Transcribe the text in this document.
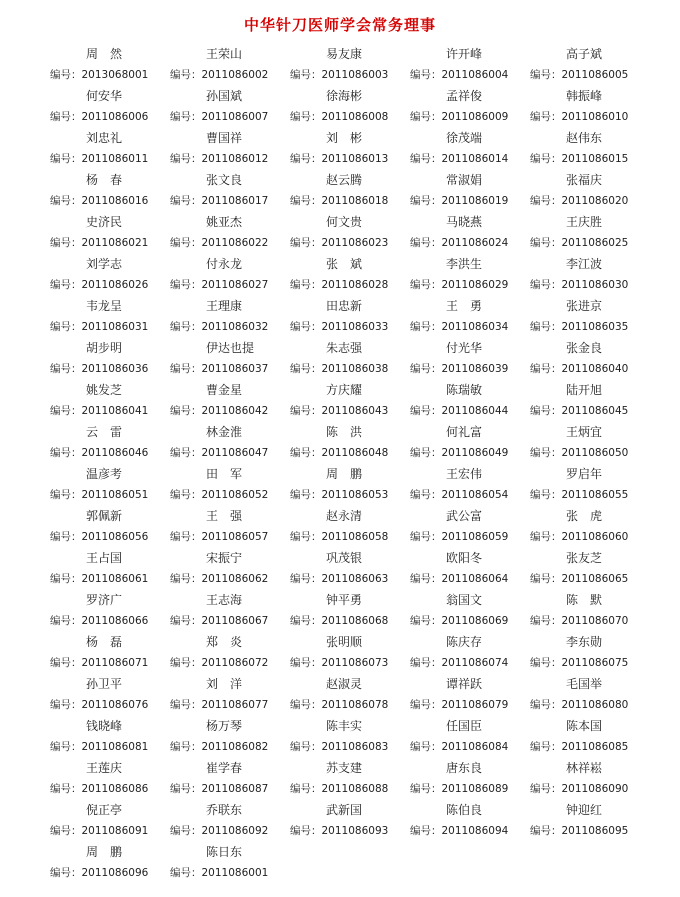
中华针刀医师学会常务理事
周　然	王荣山	易友康	许开峰	高子斌
编号：2013068001 编号：2011086002 编号：2011086003 编号：2011086004 编号：2011086005
何安华	孙国斌	徐海彬	孟祥俊	韩振峰
编号：2011086006 编号：2011086007 编号：2011086008 编号：2011086009 编号：2011086010
刘忠礼	曹国祥	刘　彬	徐茂端	赵伟东
编号：2011086011 编号：2011086012 编号：2011086013 编号：2011086014 编号：2011086015
杨　春	张文良	赵云腾	常淑娟	张福庆
编号：2011086016 编号：2011086017 编号：2011086018 编号：2011086019 编号：2011086020
史济民	姚亚杰	何文贵	马晓燕	王庆胜
编号：2011086021 编号：2011086022 编号：2011086023 编号：2011086024 编号：2011086025
刘学志	付永龙	张　斌	李洪生	李江波
编号：2011086026 编号：2011086027 编号：2011086028 编号：2011086029 编号：2011086030
韦龙呈	王理康	田忠新	王　勇	张进京
编号：2011086031 编号：2011086032 编号：2011086033 编号：2011086034 编号：2011086035
胡步明	伊达也提	朱志强	付光华	张金良
编号：2011086036 编号：2011086037 编号：2011086038 编号：2011086039 编号：2011086040
姚发芝	曹金星	方庆耀	陈瑞敏	陆开旭
编号：2011086041 编号：2011086042 编号：2011086043 编号：2011086044 编号：2011086045
云　雷	林金淮	陈　洪	何礼富	王炳宜
编号：2011086046 编号：2011086047 编号：2011086048 编号：2011086049 编号：2011086050
温彦考	田　军	周　鹏	王宏伟	罗启年
编号：2011086051 编号：2011086052 编号：2011086053 编号：2011086054 编号：2011086055
郭佩新	王　强	赵永清	武公富	张　虎
编号：2011086056 编号：2011086057 编号：2011086058 编号：2011086059 编号：2011086060
王占国	宋振宁	巩茂银	欧阳冬	张友芝
编号：2011086061 编号：2011086062 编号：2011086063 编号：2011086064 编号：2011086065
罗济广	王志海	钟平勇	翁国文	陈　默
编号：2011086066 编号：2011086067 编号：2011086068 编号：2011086069 编号：2011086070
杨　磊	郑　炎	张明顺	陈庆存	李东勋
编号：2011086071 编号：2011086072 编号：2011086073 编号：2011086074 编号：2011086075
孙卫平	刘　洋	赵淑灵	谭祥跃	毛国举
编号：2011086076 编号：2011086077 编号：2011086078 编号：2011086079 编号：2011086080
钱晓峰	杨万琴	陈丰实	任国臣	陈本国
编号：2011086081 编号：2011086082 编号：2011086083 编号：2011086084 编号：2011086085
王莲庆	崔学春	苏支建	唐东良	林祥崧
编号：2011086086 编号：2011086087 编号：2011086088 编号：2011086089 编号：2011086090
倪正亭	乔联东	武新国	陈伯良	钟迎红
编号：2011086091 编号：2011086092 编号：2011086093 编号：2011086094 编号：2011086095
周　鹏	陈日东
编号：2011086096 编号：2011086001
